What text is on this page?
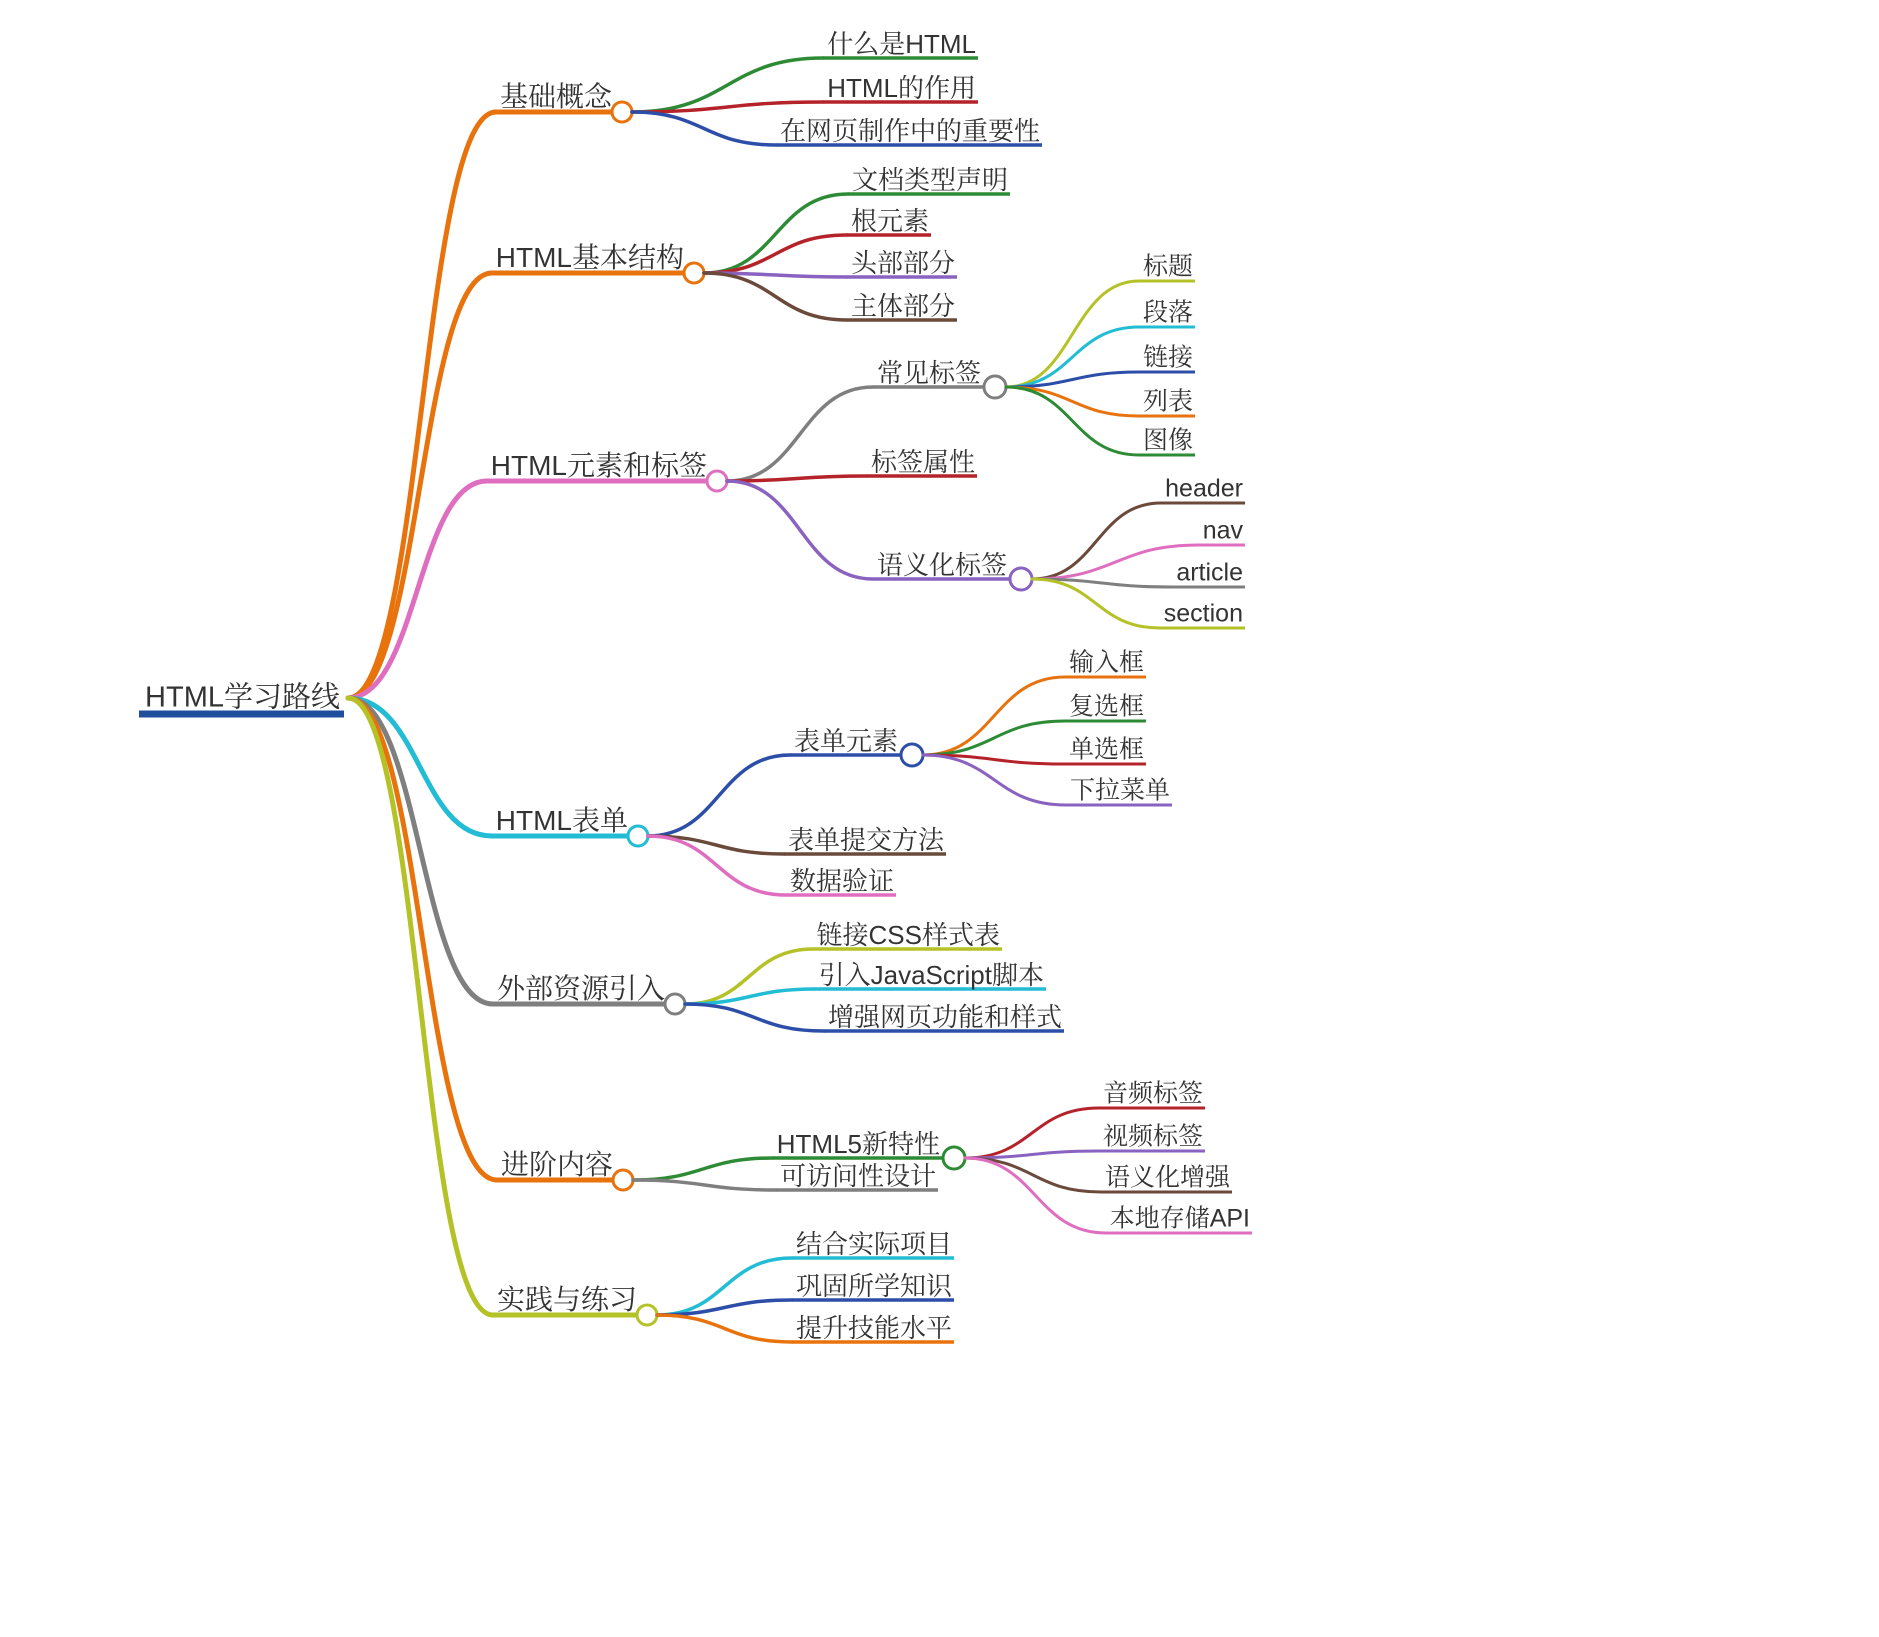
HTML学习路线
基础概念
什么是HTML
HTML的作用
在网页制作中的重要性
HTML基本结构
文档类型声明
根元素
头部部分
主体部分
HTML元素和标签
常见标签
标题
段落
链接
列表
图像
标签属性
语义化标签
header
nav
article
section
HTML表单
表单元素
输入框
复选框
单选框
下拉菜单
表单提交方法
数据验证
外部资源引入
链接CSS样式表
引入JavaScript脚本
增强网页功能和样式
进阶内容
HTML5新特性
音频标签
视频标签
语义化增强
本地存储API
可访问性设计
实践与练习
结合实际项目
巩固所学知识
提升技能水平
